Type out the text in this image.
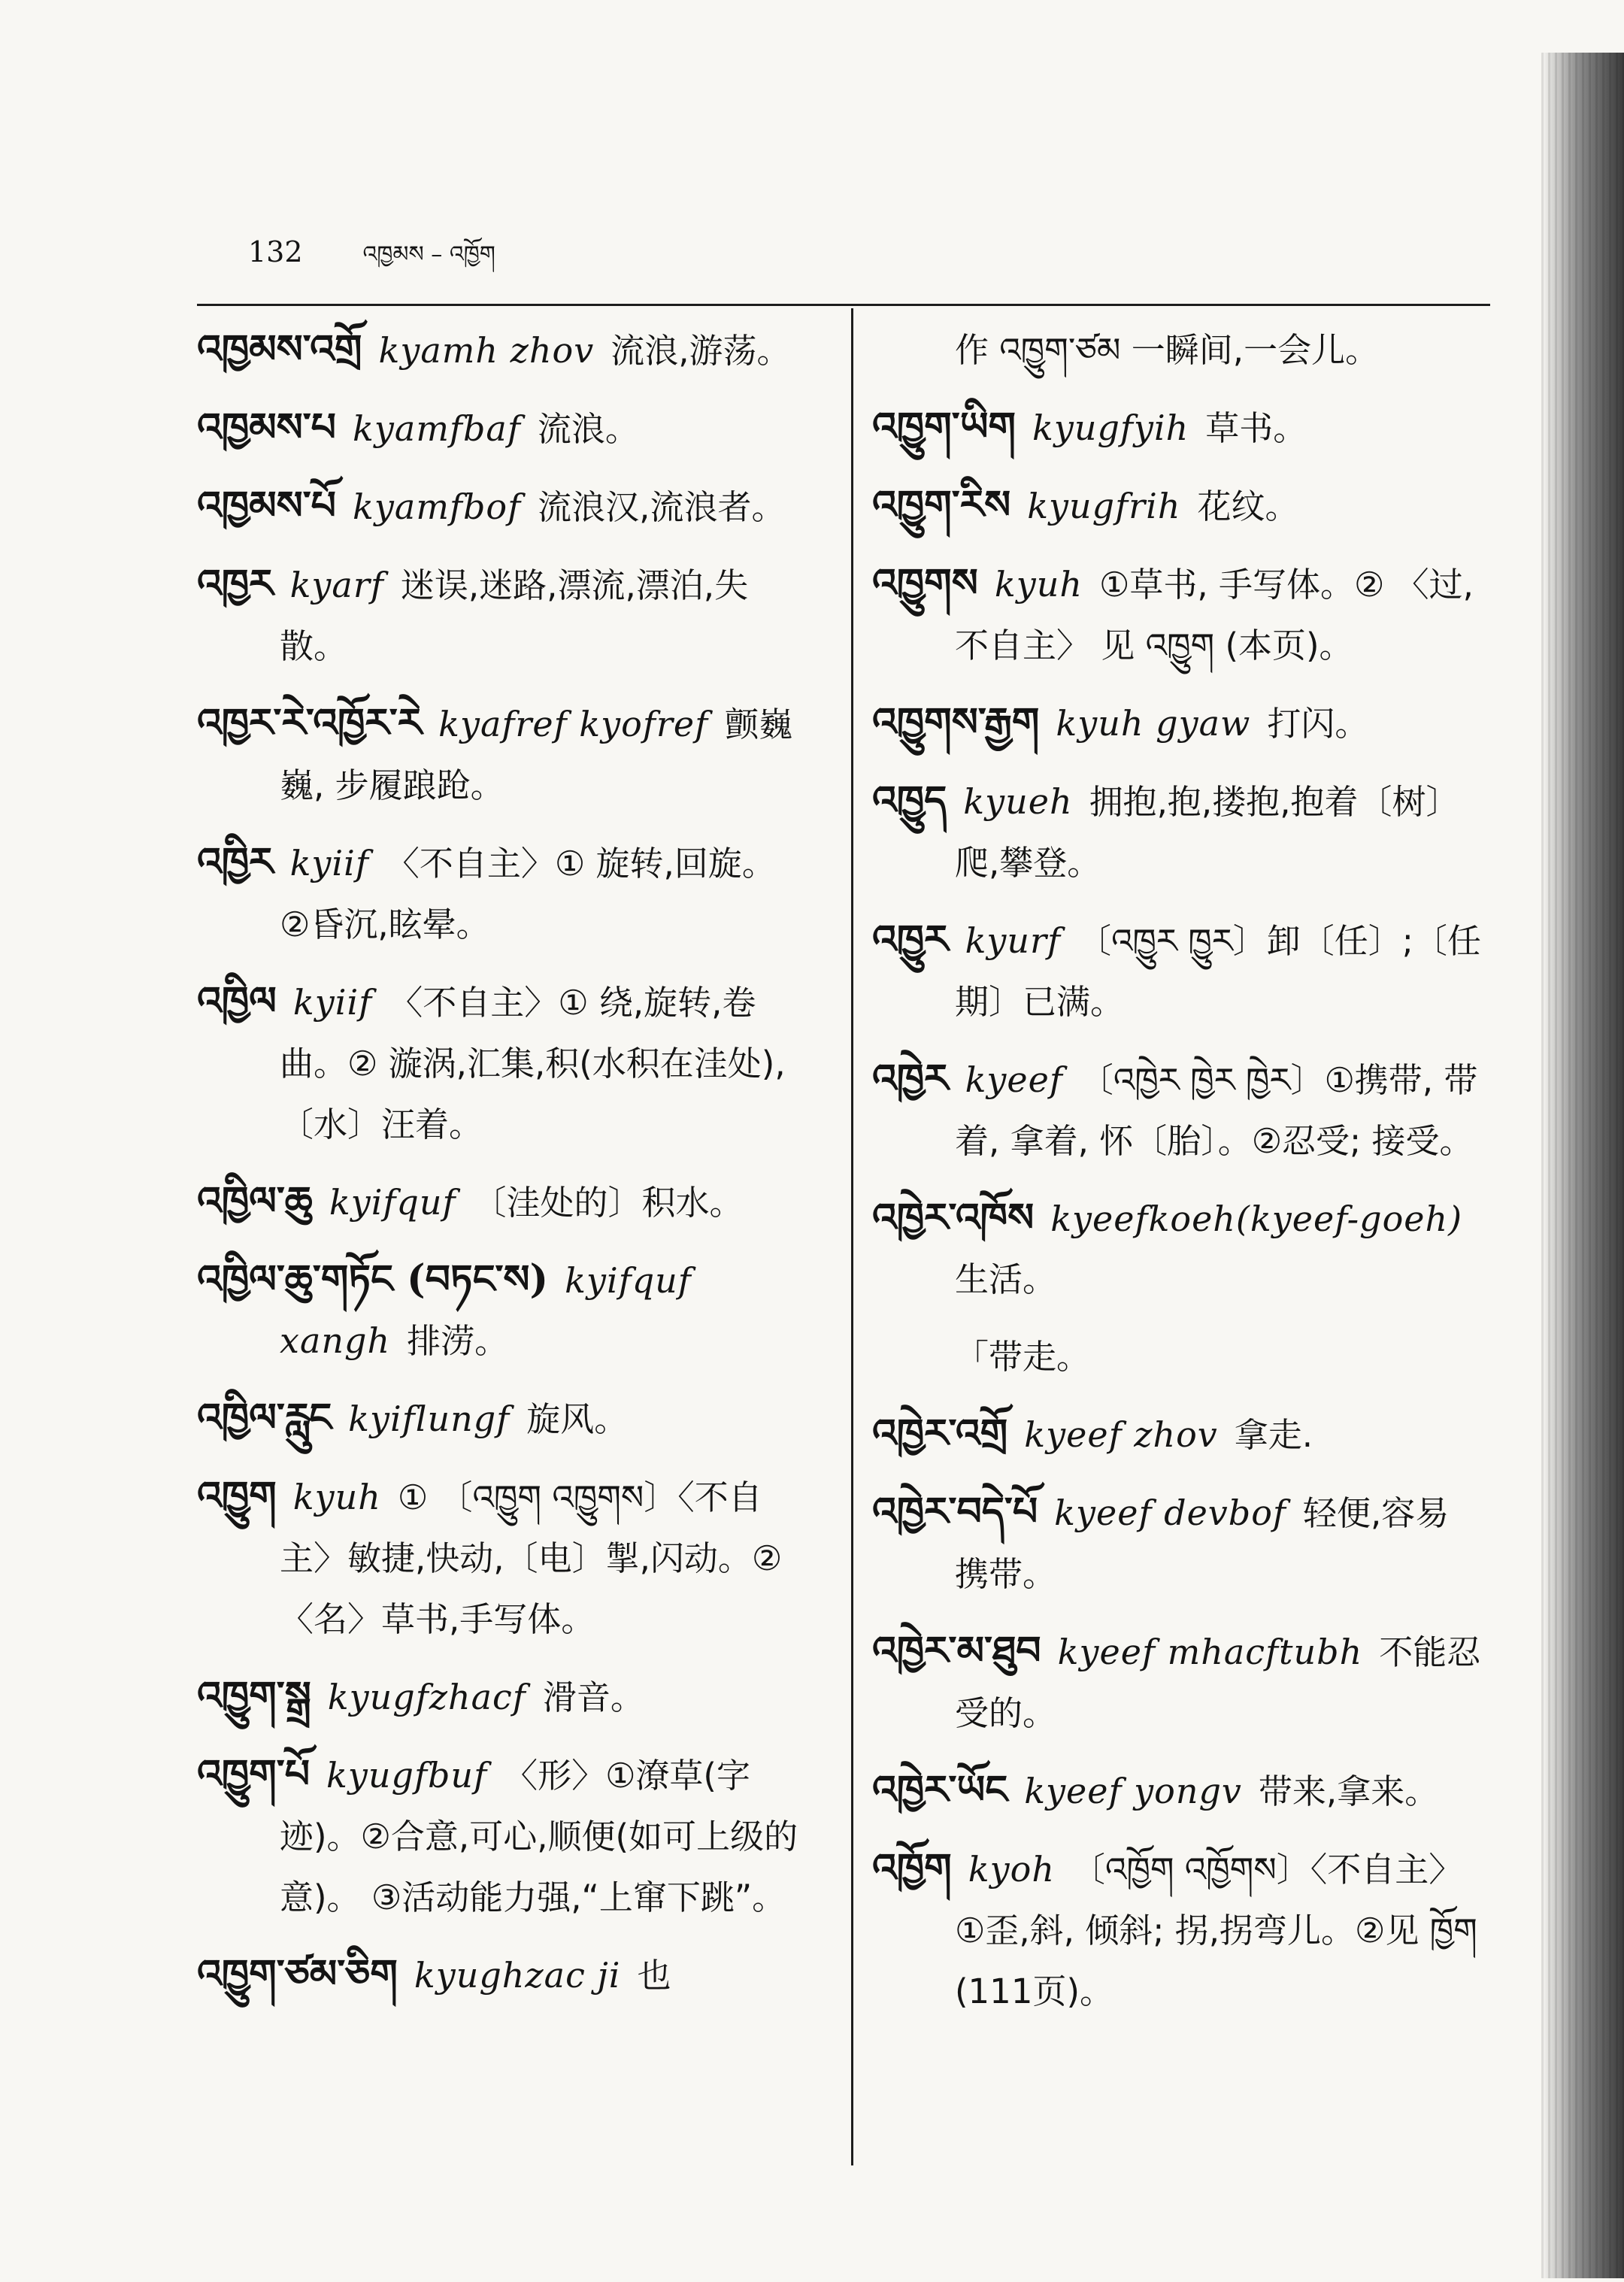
132	འཁྱམས – འཁྱོག

འཁྱམས་འགྲོ kyamh zhov 流浪,游荡。

འཁྱམས་པ kyamfbaf 流浪。

འཁྱམས་པོ kyamfbof 流浪汉,流浪者。

འཁྱར kyarf 迷误,迷路,漂流,漂泊,失散。

འཁྱར་རེ་འཁྱོར་རེ kyafref kyofref 颤巍巍, 步履踉跄。

འཁྱིར kyiif 〈不自主〉① 旋转,回旋。②昏沉,眩晕。

འཁྱིལ kyiif 〈不自主〉① 绕,旋转,卷曲。② 漩涡,汇集,积(水积在洼处),〔水〕汪着。

འཁྱིལ་ཆུ kyifquf 〔洼处的〕积水。

འཁྱིལ་ཆུ་གཏོང (བཏང་ས) kyifquf xangh 排涝。

འཁྱིལ་རླུང kyiflungf 旋风。

འཁྱུག kyuh ① 〔འཁྱུག འཁྱུགས〕〈不自主〉敏捷,快动,〔电〕掣,闪动。②〈名〉草书,手写体。

འཁྱུག་སྒྲ kyugfzhacf 滑音。

འཁྱུག་པོ kyugfbuf 〈形〉①潦草(字迹)。②合意,可心,顺便(如可上级的意)。 ③活动能力强,“上窜下跳”。

འཁྱུག་ཙམ་ཅིག kyughzac ji 也

作 འཁྱུག་ཙམ 一瞬间,一会儿。

འཁྱུག་ཡིག kyugfyih 草书。

འཁྱུག་རིས kyugfrih 花纹。

འཁྱུགས kyuh ①草书, 手写体。② 〈过,不自主〉 见 འཁྱུག (本页)。

འཁྱུགས་རྒྱག kyuh gyaw 打闪。

འཁྱུད kyueh 拥抱,抱,搂抱,抱着〔树〕爬,攀登。

འཁྱུར kyurf 〔འཁྱུར ཁྱུར〕卸〔任〕;〔任期〕已满。

འཁྱེར kyeef 〔འཁྱེར ཁྱེར ཁྱེར〕①携带, 带着, 拿着, 怀〔胎〕。②忍受; 接受。

འཁྱེར་འཁོས kyeefkoeh(kyeef-goeh)生活。

「带走。

འཁྱེར་འགྲོ kyeef zhov 拿走.

འཁྱེར་བདེ་པོ kyeef devbof 轻便,容易携带。

འཁྱེར་མ་ཐུབ kyeef mhacftubh 不能忍受的。

འཁྱེར་ཡོང kyeef yongv 带来,拿来。

འཁྱོག kyoh 〔འཁྱོག འཁྱོགས〕〈不自主〉①歪,斜, 倾斜; 拐,拐弯儿。②见 ཁྱོག (111页)。
